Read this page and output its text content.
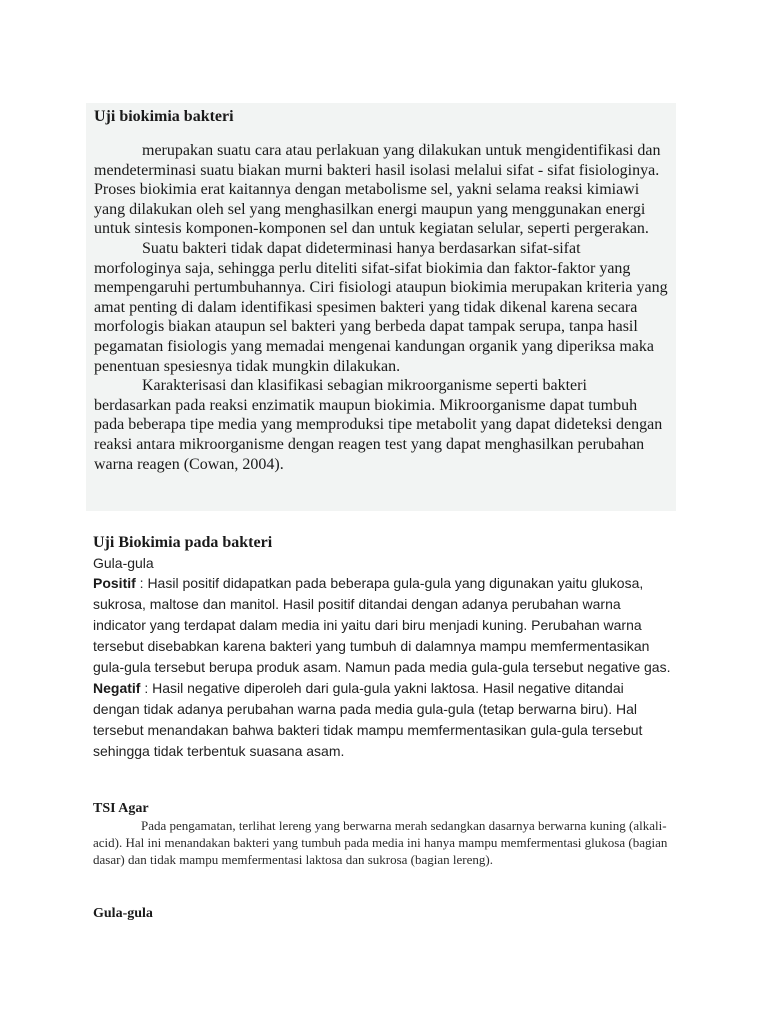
Uji biokimia bakteri

merupakan suatu cara atau perlakuan yang dilakukan untuk mengidentifikasi dan mendeterminasi suatu biakan murni bakteri hasil isolasi melalui sifat - sifat fisiologinya. Proses biokimia erat kaitannya dengan metabolisme sel, yakni selama reaksi kimiawi yang dilakukan oleh sel yang menghasilkan energi maupun yang menggunakan energi untuk sintesis komponen-komponen sel dan untuk kegiatan selular, seperti pergerakan.

Suatu bakteri tidak dapat dideterminasi hanya berdasarkan sifat-sifat morfologinya saja, sehingga perlu diteliti sifat-sifat biokimia dan faktor-faktor yang mempengaruhi pertumbuhannya. Ciri fisiologi ataupun biokimia merupakan kriteria yang amat penting di dalam identifikasi spesimen bakteri yang tidak dikenal karena secara morfologis biakan ataupun sel bakteri yang berbeda dapat tampak serupa, tanpa hasil pegamatan fisiologis yang memadai mengenai kandungan organik yang diperiksa maka penentuan spesiesnya tidak mungkin dilakukan.

Karakterisasi dan klasifikasi sebagian mikroorganisme seperti bakteri berdasarkan pada reaksi enzimatik maupun biokimia. Mikroorganisme dapat tumbuh pada beberapa tipe media yang memproduksi tipe metabolit yang dapat dideteksi dengan reaksi antara mikroorganisme dengan reagen test yang dapat menghasilkan perubahan warna reagen (Cowan, 2004).

Uji Biokimia pada bakteri
Gula-gula

Positif : Hasil positif didapatkan pada beberapa gula-gula yang digunakan yaitu glukosa, sukrosa, maltose dan manitol. Hasil positif ditandai dengan adanya perubahan warna indicator yang terdapat dalam media ini yaitu dari biru menjadi kuning. Perubahan warna tersebut disebabkan karena bakteri yang tumbuh di dalamnya mampu memfermentasikan gula-gula tersebut berupa produk asam. Namun pada media gula-gula tersebut negative gas.

Negatif : Hasil negative diperoleh dari gula-gula yakni laktosa. Hasil negative ditandai dengan tidak adanya perubahan warna pada media gula-gula (tetap berwarna biru). Hal tersebut menandakan bahwa bakteri tidak mampu memfermentasikan gula-gula tersebut sehingga tidak terbentuk suasana asam.

TSI Agar

Pada pengamatan, terlihat lereng yang berwarna merah sedangkan dasarnya berwarna kuning (alkali-acid). Hal ini menandakan bakteri yang tumbuh pada media ini hanya mampu memfermentasi glukosa (bagian dasar) dan tidak mampu memfermentasi laktosa dan sukrosa (bagian lereng).

Gula-gula
